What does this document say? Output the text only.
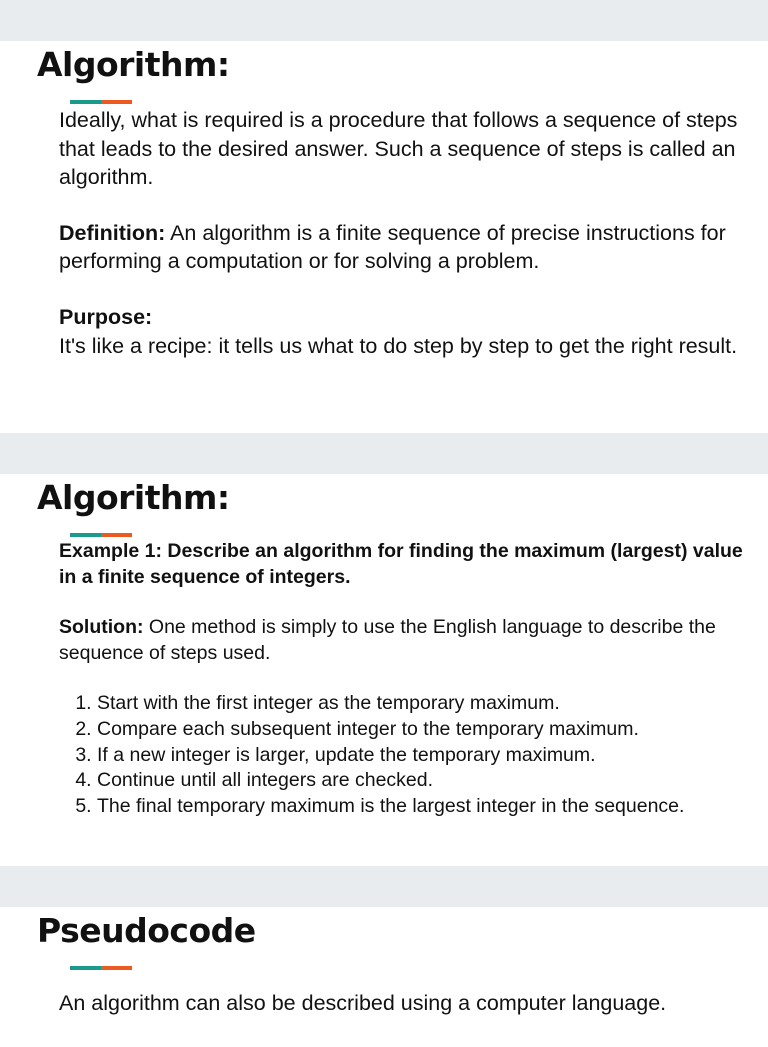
Algorithm:

Ideally, what is required is a procedure that follows a sequence of steps that leads to the desired answer. Such a sequence of steps is called an algorithm.

Definition: An algorithm is a finite sequence of precise instructions for performing a computation or for solving a problem.

Purpose:
It's like a recipe: it tells us what to do step by step to get the right result.

Algorithm:

Example 1: Describe an algorithm for finding the maximum (largest) value in a finite sequence of integers.

Solution: One method is simply to use the English language to describe the sequence of steps used.

1. Start with the first integer as the temporary maximum.
2. Compare each subsequent integer to the temporary maximum.
3. If a new integer is larger, update the temporary maximum.
4. Continue until all integers are checked.
5. The final temporary maximum is the largest integer in the sequence.
Pseudocode

An algorithm can also be described using a computer language.
